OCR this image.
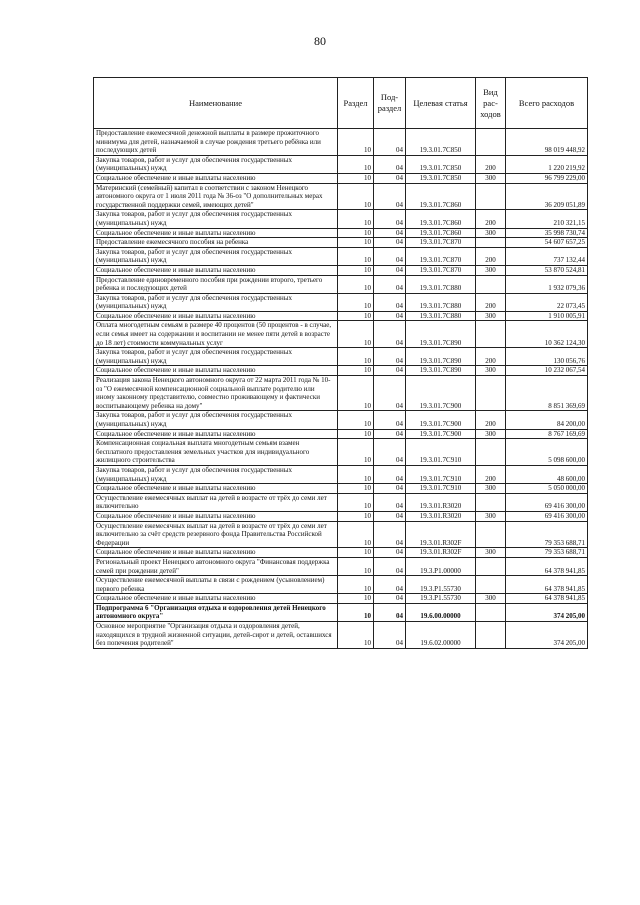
80
Наименование	Раздел	Под-раздел	Целевая статья	Вид рас-ходов	Всего расходов
Предоставление ежемесячной денежной выплаты в размере прожиточного минимума для детей, назначаемой в случае рождения третьего ребёнка или последующих детей	10	04	19.3.01.7С850		98 019 448,92
Закупка товаров, работ и услуг для обеспечения государственных (муниципальных) нужд	10	04	19.3.01.7С850	200	1 220 219,92
Социальное обеспечение и иные выплаты населению	10	04	19.3.01.7С850	300	96 799 229,00
Материнский (семейный) капитал в соответствии с законом Ненецкого автономного округа от 1 июля 2011 года № 36-оз "О дополнительных мерах государственной поддержки семей, имеющих детей"	10	04	19.3.01.7С860		36 209 051,89
Закупка товаров, работ и услуг для обеспечения государственных (муниципальных) нужд	10	04	19.3.01.7С860	200	210 321,15
Социальное обеспечение и иные выплаты населению	10	04	19.3.01.7С860	300	35 998 730,74
Предоставление ежемесячного пособия на ребенка	10	04	19.3.01.7С870		54 607 657,25
Закупка товаров, работ и услуг для обеспечения государственных (муниципальных) нужд	10	04	19.3.01.7С870	200	737 132,44
Социальное обеспечение и иные выплаты населению	10	04	19.3.01.7С870	300	53 870 524,81
Предоставление единовременного пособия при рождении второго, третьего ребенка и последующих детей	10	04	19.3.01.7С880		1 932 079,36
Закупка товаров, работ и услуг для обеспечения государственных (муниципальных) нужд	10	04	19.3.01.7С880	200	22 073,45
Социальное обеспечение и иные выплаты населению	10	04	19.3.01.7С880	300	1 910 005,91
Оплата многодетным семьям в размере 40 процентов (50 процентов - в случае, если семья имеет на содержании и воспитании не менее пяти детей в возрасте до 18 лет) стоимости коммунальных услуг	10	04	19.3.01.7С890		10 362 124,30
Закупка товаров, работ и услуг для обеспечения государственных (муниципальных) нужд	10	04	19.3.01.7С890	200	130 056,76
Социальное обеспечение и иные выплаты населению	10	04	19.3.01.7С890	300	10 232 067,54
Реализация закона Ненецкого автономного округа от 22 марта 2011 года № 10-оз "О ежемесячной компенсационной социальной выплате родителю или иному законному представителю, совместно проживающему и фактически воспитывающему ребенка на дому"	10	04	19.3.01.7С900		8 851 369,69
Закупка товаров, работ и услуг для обеспечения государственных (муниципальных) нужд	10	04	19.3.01.7С900	200	84 200,00
Социальное обеспечение и иные выплаты населению	10	04	19.3.01.7С900	300	8 767 169,69
Компенсационная социальная выплата многодетным семьям взамен бесплатного предоставления земельных участков для индивидуального жилищного строительства	10	04	19.3.01.7С910		5 098 600,00
Закупка товаров, работ и услуг для обеспечения государственных (муниципальных) нужд	10	04	19.3.01.7С910	200	48 600,00
Социальное обеспечение и иные выплаты населению	10	04	19.3.01.7С910	300	5 050 000,00
Осуществление ежемесячных выплат на детей в возрасте от трёх до семи лет включительно	10	04	19.3.01.R3020		69 416 300,00
Социальное обеспечение и иные выплаты населению	10	04	19.3.01.R3020	300	69 416 300,00
Осуществление ежемесячных выплат на детей в возрасте от трёх до семи лет включительно за счёт средств резервного фонда Правительства Российской Федерации	10	04	19.3.01.R302F		79 353 688,71
Социальное обеспечение и иные выплаты населению	10	04	19.3.01.R302F	300	79 353 688,71
Региональный проект Ненецкого автономного округа "Финансовая поддержка семей при рождении детей"	10	04	19.3.P1.00000		64 378 941,85
Осуществление ежемесячной выплаты в связи с рождением (усыновлением) первого ребенка	10	04	19.3.P1.55730		64 378 941,85
Социальное обеспечение и иные выплаты населению	10	04	19.3.P1.55730	300	64 378 941,85
Подпрограмма 6 "Организация отдыха и оздоровления детей Ненецкого автономного округа"	10	04	19.6.00.00000		374 205,00
Основное мероприятие "Организация отдыха и оздоровления детей, находящихся в трудной жизненной ситуации, детей-сирот и детей, оставшихся без попечения родителей"	10	04	19.6.02.00000		374 205,00
